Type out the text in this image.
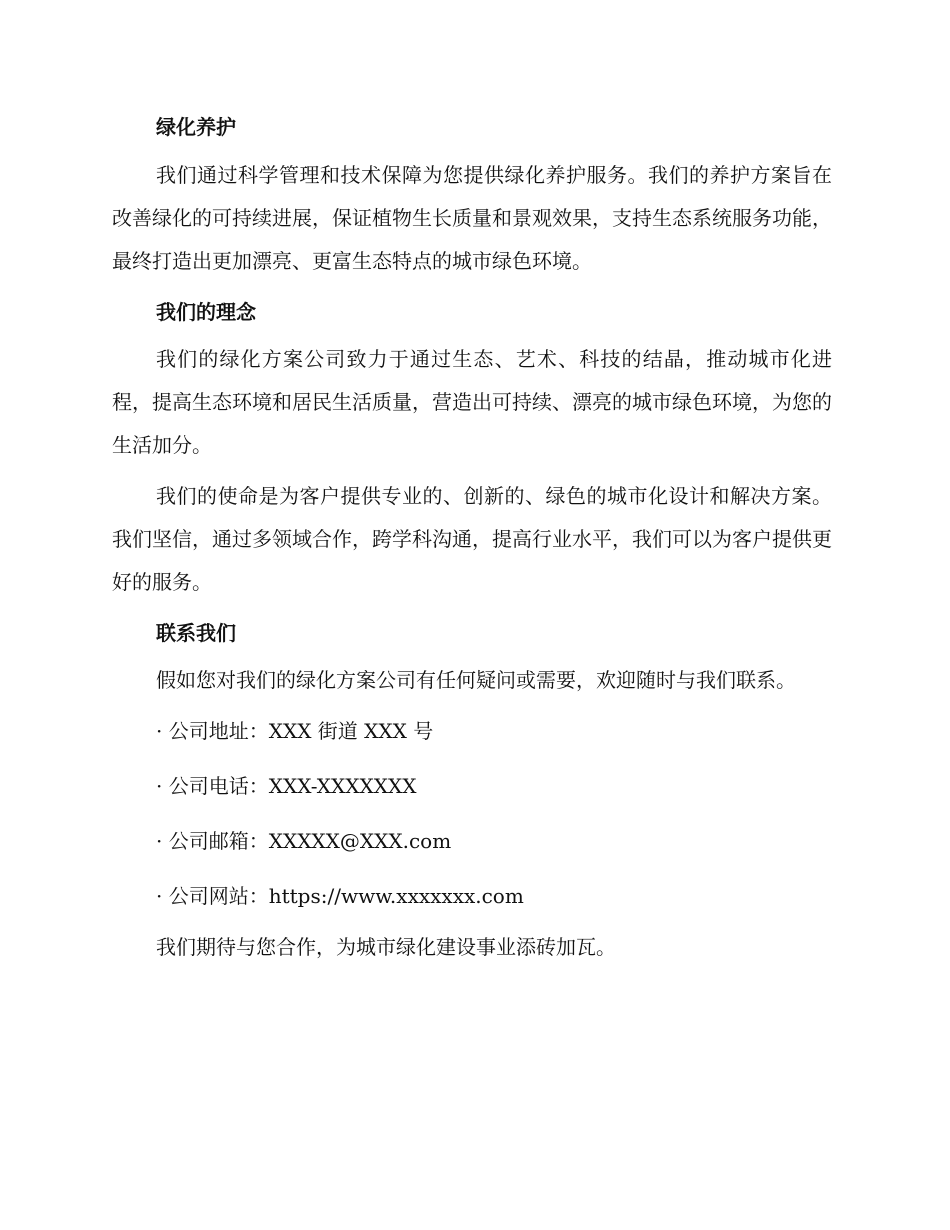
绿化养护

我们通过科学管理和技术保障为您提供绿化养护服务。我们的养护方案旨在改善绿化的可持续进展，保证植物生长质量和景观效果，支持生态系统服务功能，最终打造出更加漂亮、更富生态特点的城市绿色环境。

我们的理念

我们的绿化方案公司致力于通过生态、艺术、科技的结晶，推动城市化进程，提高生态环境和居民生活质量，营造出可持续、漂亮的城市绿色环境，为您的生活加分。

我们的使命是为客户提供专业的、创新的、绿色的城市化设计和解决方案。我们坚信，通过多领域合作，跨学科沟通，提高行业水平，我们可以为客户提供更好的服务。

联系我们

假如您对我们的绿化方案公司有任何疑问或需要，欢迎随时与我们联系。

· 公司地址：XXX 街道 XXX 号

· 公司电话：XXX-XXXXXXX

· 公司邮箱：XXXXX@XXX.com

· 公司网站：https://www.xxxxxxx.com

我们期待与您合作，为城市绿化建设事业添砖加瓦。
